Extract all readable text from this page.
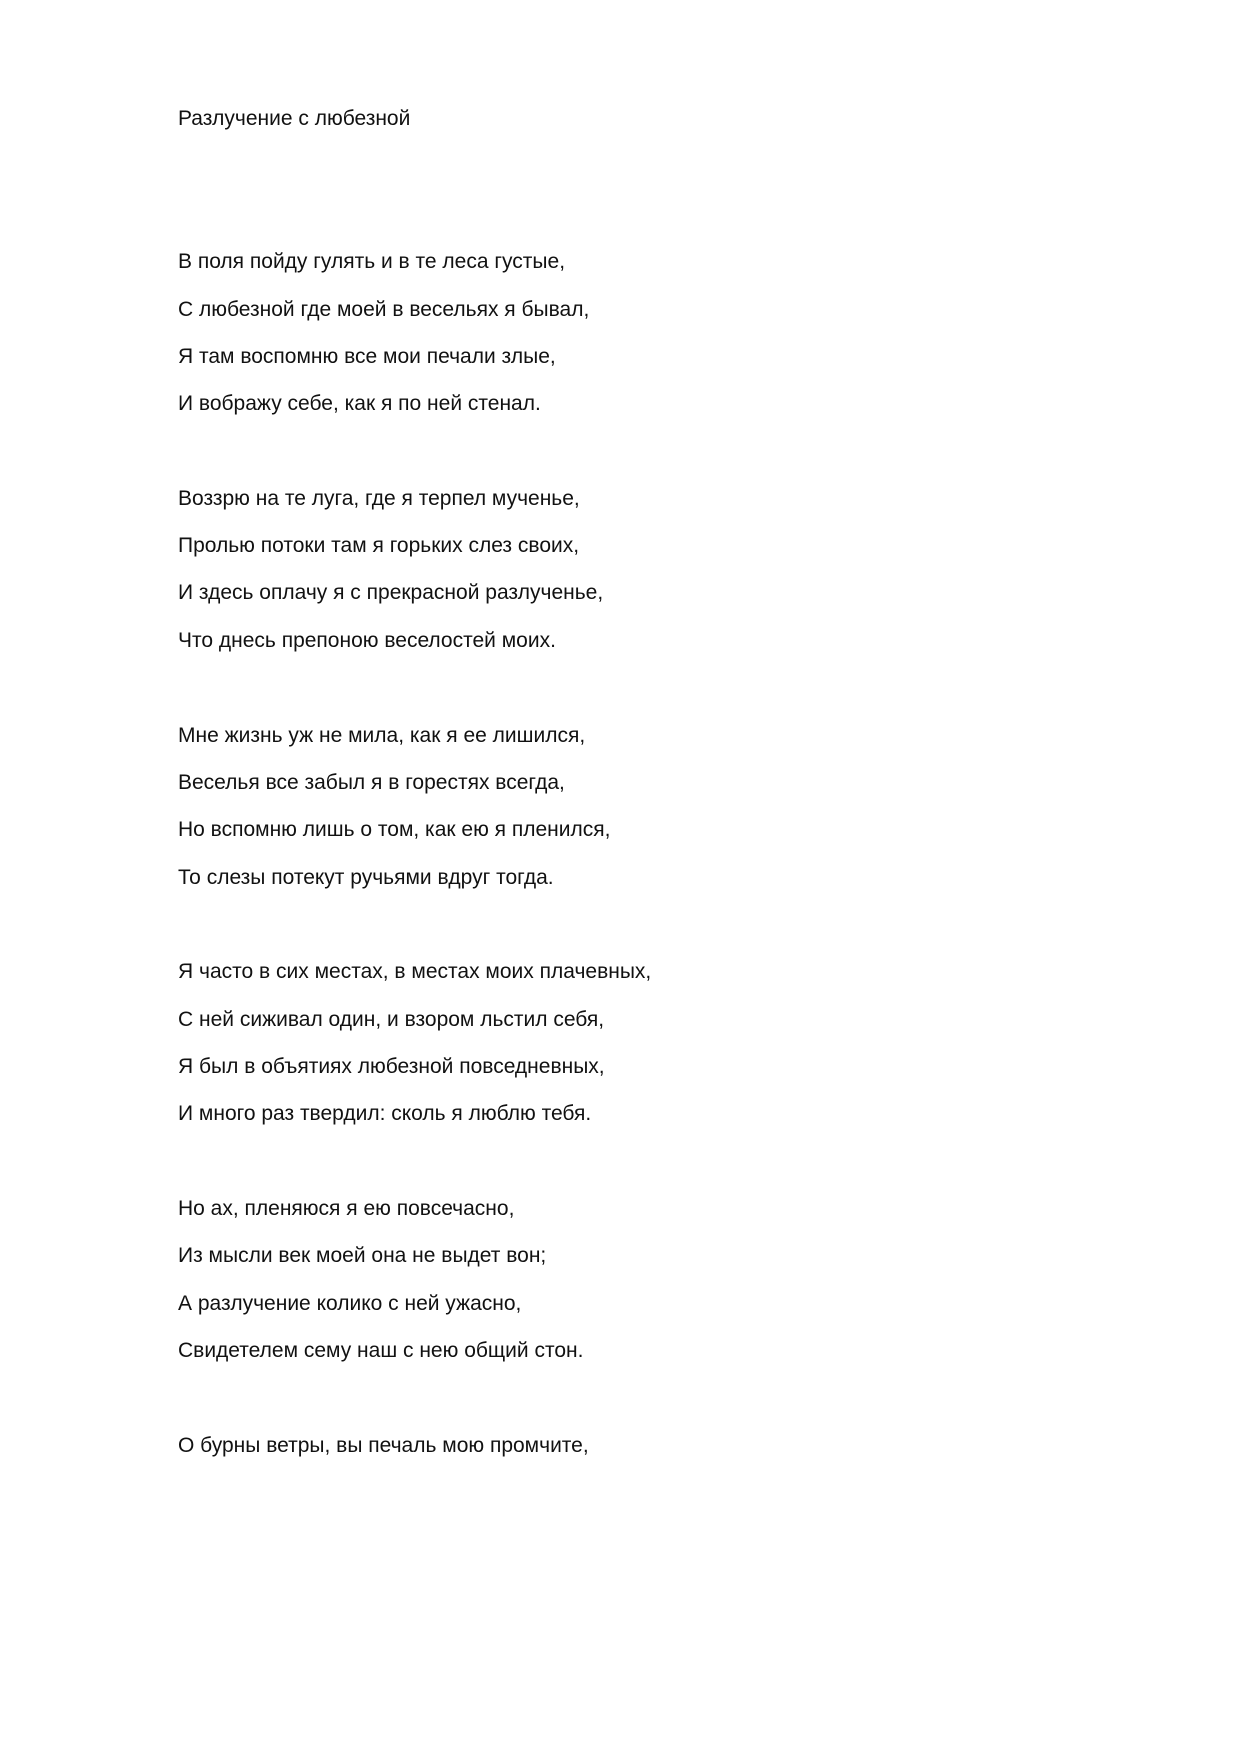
Разлучение с любезной
В поля пойду гулять и в те леса густые,
С любезной где моей в весельях я бывал,
Я там воспомню все мои печали злые,
И вображу себе, как я по ней стенал.
Воззрю на те луга, где я терпел мученье,
Пролью потоки там я горьких слез своих,
И здесь оплачу я с прекрасной разлученье,
Что днесь препоною веселостей моих.
Мне жизнь уж не мила, как я ее лишился,
Веселья все забыл я в горестях всегда,
Но вспомню лишь о том, как ею я пленился,
То слезы потекут ручьями вдруг тогда.
Я часто в сих местах, в местах моих плачевных,
С ней сиживал один, и взором льстил себя,
Я был в объятиях любезной повседневных,
И много раз твердил: сколь я люблю тебя.
Но ах, пленяюся я ею повсечасно,
Из мысли век моей она не выдет вон;
А разлучение колико с ней ужасно,
Свидетелем сему наш с нею общий стон.
О бурны ветры, вы печаль мою промчите,
